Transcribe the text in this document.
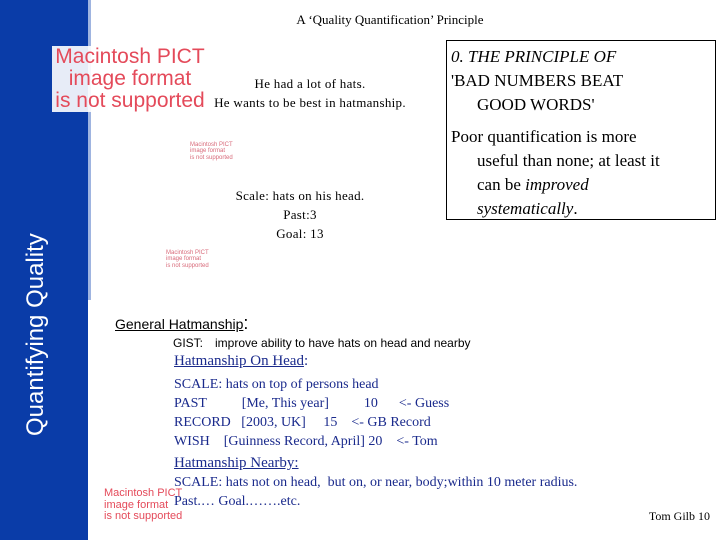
Quantifying Quality
A ‘Quality Quantification’ Principle
Macintosh PICT
image format
is not supported
Macintosh PICT
image format
is not supported
Macintosh PICT
image format
is not supported
Macintosh PICT
image format
is not supported
He had a lot of hats.
He wants to be best in hatmanship.
Scale: hats on his head.
Past:3
Goal: 13
0. THE PRINCIPLE OF
'BAD NUMBERS BEAT
GOOD WORDS'
Poor quantification is more
useful than none; at least it
can be improved
systematically.
General Hatmanship:
GIST: improve ability to have hats on head and nearby
Hatmanship On Head:
SCALE: hats on top of persons head
PAST          [Me, This year]          10      <- Guess
RECORD   [2003, UK]     15    <- GB Record
WISH    [Guinness Record, April] 20    <- Tom
Hatmanship Nearby:
SCALE: hats not on head,  but on, or near, body;within 10 meter radius.
Past.… Goal.…….etc.
Tom Gilb 10
